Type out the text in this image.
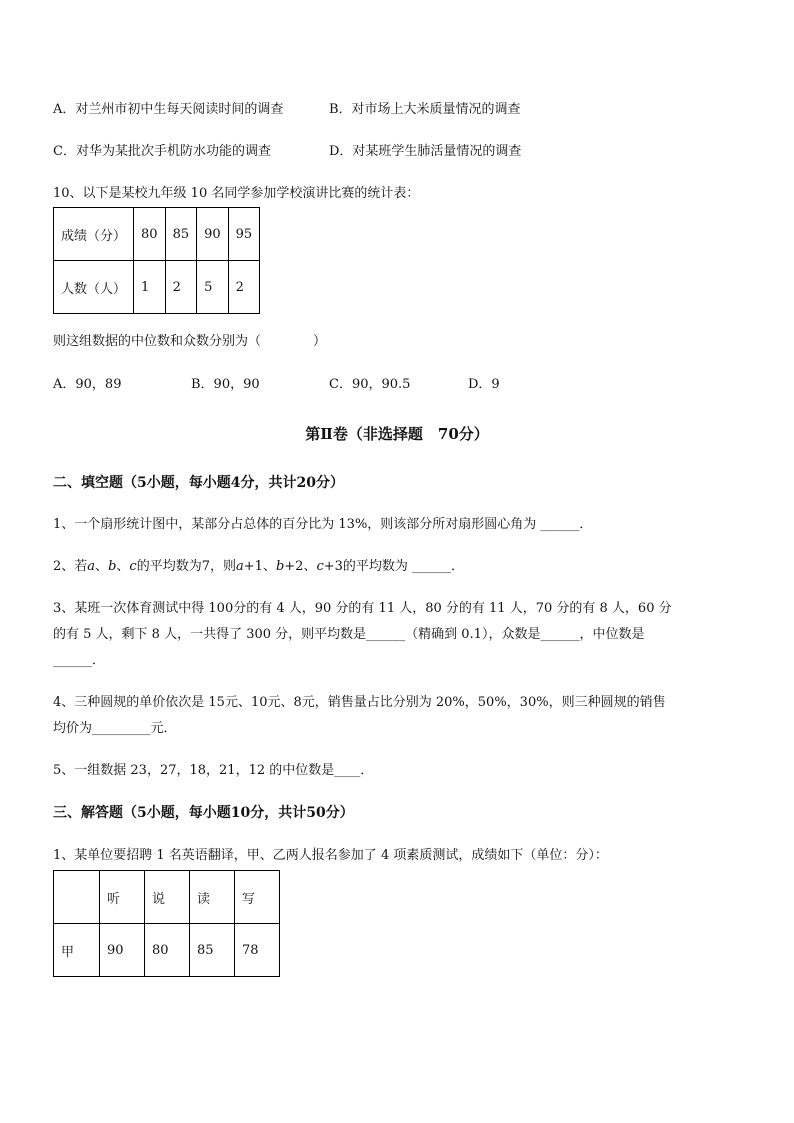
A．对兰州市初中生每天阅读时间的调查	B．对市场上大米质量情况的调查
C．对华为某批次手机防水功能的调查	D．对某班学生肺活量情况的调查
10、以下是某校九年级 10 名同学参加学校演讲比赛的统计表：
成绩（分）	80	85	90	95
人数（人）	1	2	5	2
则这组数据的中位数和众数分别为（　　　　）
A．90，89	B．90，90	C．90，90.5	D．9
第Ⅱ卷（非选择题　70分）
二、填空题（5小题，每小题4分，共计20分）
1、一个扇形统计图中，某部分占总体的百分比为 13%，则该部分所对扇形圆心角为 ______．
2、若a、b、c的平均数为7，则a+1、b+2、c+3的平均数为 ______．
3、某班一次体育测试中得 100分的有 4 人，90 分的有 11 人，80 分的有 11 人，70 分的有 8 人，60 分
的有 5 人，剩下 8 人，一共得了 300 分，则平均数是______（精确到 0.1），众数是______，中位数是
______．
4、三种圆规的单价依次是 15元、10元、8元，销售量占比分别为 20%，50%，30%，则三种圆规的销售
均价为_________元．
5、一组数据 23，27，18，21，12 的中位数是____．
三、解答题（5小题，每小题10分，共计50分）
1、某单位要招聘 1 名英语翻译，甲、乙两人报名参加了 4 项素质测试，成绩如下（单位：分）：
	听	说	读	写
甲	90	80	85	78
